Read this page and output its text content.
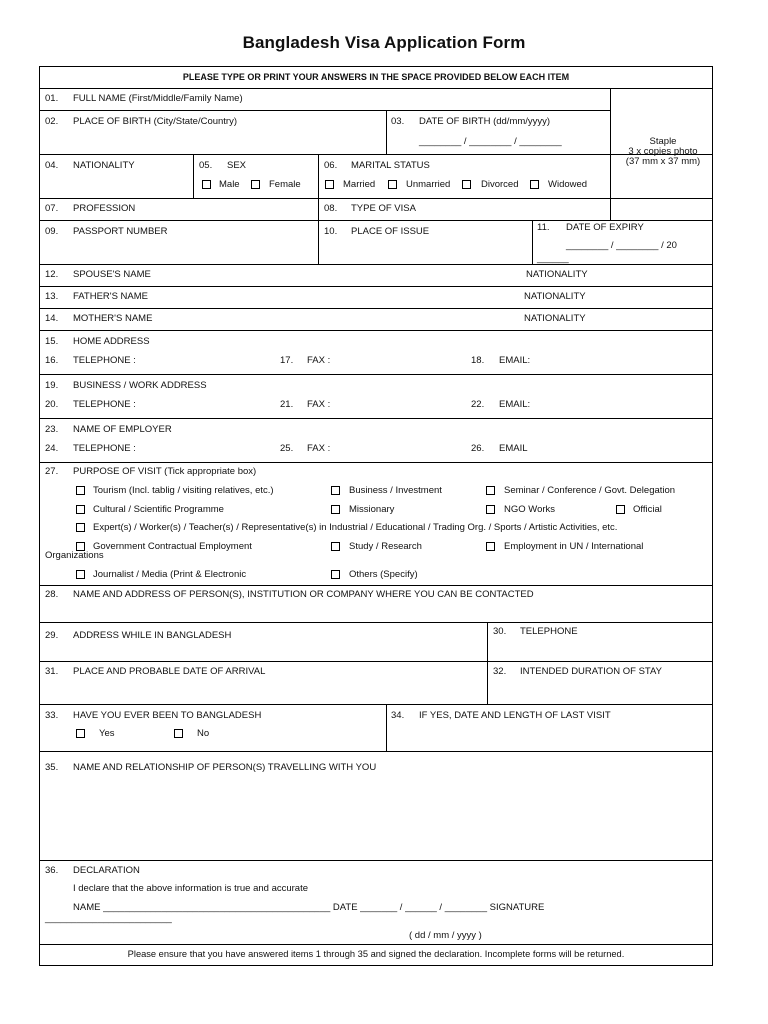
Bangladesh Visa Application Form
PLEASE TYPE OR PRINT YOUR ANSWERS IN THE SPACE PROVIDED BELOW EACH ITEM
Staple
3 x copies photo
(37 mm x 37 mm)
01. FULL NAME (First/Middle/Family Name)
02. PLACE OF BIRTH (City/State/Country)	03. DATE OF BIRTH (dd/mm/yyyy)
________ / ________ / ________
04. NATIONALITY	05. SEX
Male	Female
06. MARITAL STATUS
Married	Unmarried	Divorced	Widowed
07. PROFESSION	08. TYPE OF VISA
09. PASSPORT NUMBER	10. PLACE OF ISSUE	11. DATE OF EXPIRY
________ / ________ / 20
______
12. SPOUSE'S NAME	NATIONALITY
13. FATHER'S NAME	NATIONALITY
14. MOTHER'S NAME	NATIONALITY
15. HOME ADDRESS
16. TELEPHONE :	17. FAX :	18. EMAIL:
19. BUSINESS / WORK ADDRESS
20. TELEPHONE :	21. FAX :	22. EMAIL:
23. NAME OF EMPLOYER
24. TELEPHONE :	25. FAX :	26. EMAIL
27. PURPOSE OF VISIT (Tick appropriate box)
Tourism (Incl. tablig / visiting relatives, etc.)	Business / Investment	Seminar / Conference / Govt. Delegation
Cultural / Scientific Programme	Missionary	NGO Works	Official
Expert(s) / Worker(s) / Teacher(s) / Representative(s) in Industrial / Educational / Trading Org. / Sports / Artistic Activities, etc.
Government Contractual Employment	Study / Research	Employment in UN / International
Organizations
Journalist / Media (Print & Electronic	Others (Specify)
28. NAME AND ADDRESS OF PERSON(S), INSTITUTION OR COMPANY WHERE YOU CAN BE CONTACTED
29. ADDRESS WHILE IN BANGLADESH	30. TELEPHONE
31. PLACE AND PROBABLE DATE OF ARRIVAL	32. INTENDED DURATION OF STAY
33. HAVE YOU EVER BEEN TO BANGLADESH
Yes	No
34. IF YES, DATE AND LENGTH OF LAST VISIT
35. NAME AND RELATIONSHIP OF PERSON(S) TRAVELLING WITH YOU
36. DECLARATION
I declare that the above information is true and accurate
NAME ___________________________________________ DATE _______ / ______ / ________ SIGNATURE
________________________
( dd / mm / yyyy )
Please ensure that you have answered items 1 through 35 and signed the declaration. Incomplete forms will be returned.
